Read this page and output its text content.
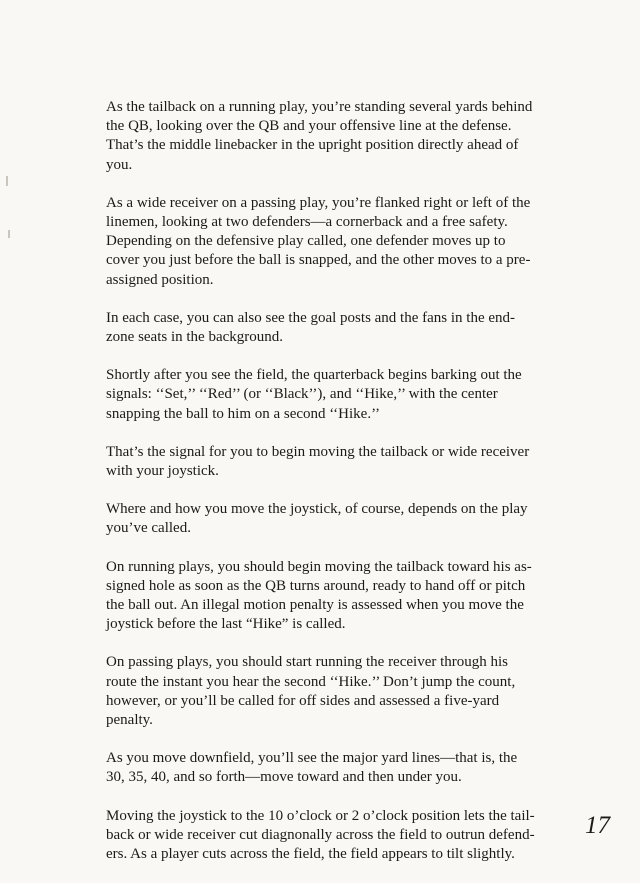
As the tailback on a running play, you’re standing several yards behind
the QB, looking over the QB and your offensive line at the defense.
That’s the middle linebacker in the upright position directly ahead of
you.

As a wide receiver on a passing play, you’re flanked right or left of the
linemen, looking at two defenders—a cornerback and a free safety.
Depending on the defensive play called, one defender moves up to
cover you just before the ball is snapped, and the other moves to a pre-
assigned position.

In each case, you can also see the goal posts and the fans in the end-
zone seats in the background.

Shortly after you see the field, the quarterback begins barking out the
signals: ‘‘Set,’’ ‘‘Red’’ (or ‘‘Black’’), and ‘‘Hike,’’ with the center
snapping the ball to him on a second ‘‘Hike.’’

That’s the signal for you to begin moving the tailback or wide receiver
with your joystick.

Where and how you move the joystick, of course, depends on the play
you’ve called.

On running plays, you should begin moving the tailback toward his as-
signed hole as soon as the QB turns around, ready to hand off or pitch
the ball out. An illegal motion penalty is assessed when you move the
joystick before the last “Hike” is called.

On passing plays, you should start running the receiver through his
route the instant you hear the second ‘‘Hike.’’ Don’t jump the count,
however, or you’ll be called for off sides and assessed a five-yard
penalty.

As you move downfield, you’ll see the major yard lines—that is, the
30, 35, 40, and so forth—move toward and then under you.

Moving the joystick to the 10 o’clock or 2 o’clock position lets the tail-
back or wide receiver cut diagnonally across the field to outrun defend-
ers. As a player cuts across the field, the field appears to tilt slightly.

17
